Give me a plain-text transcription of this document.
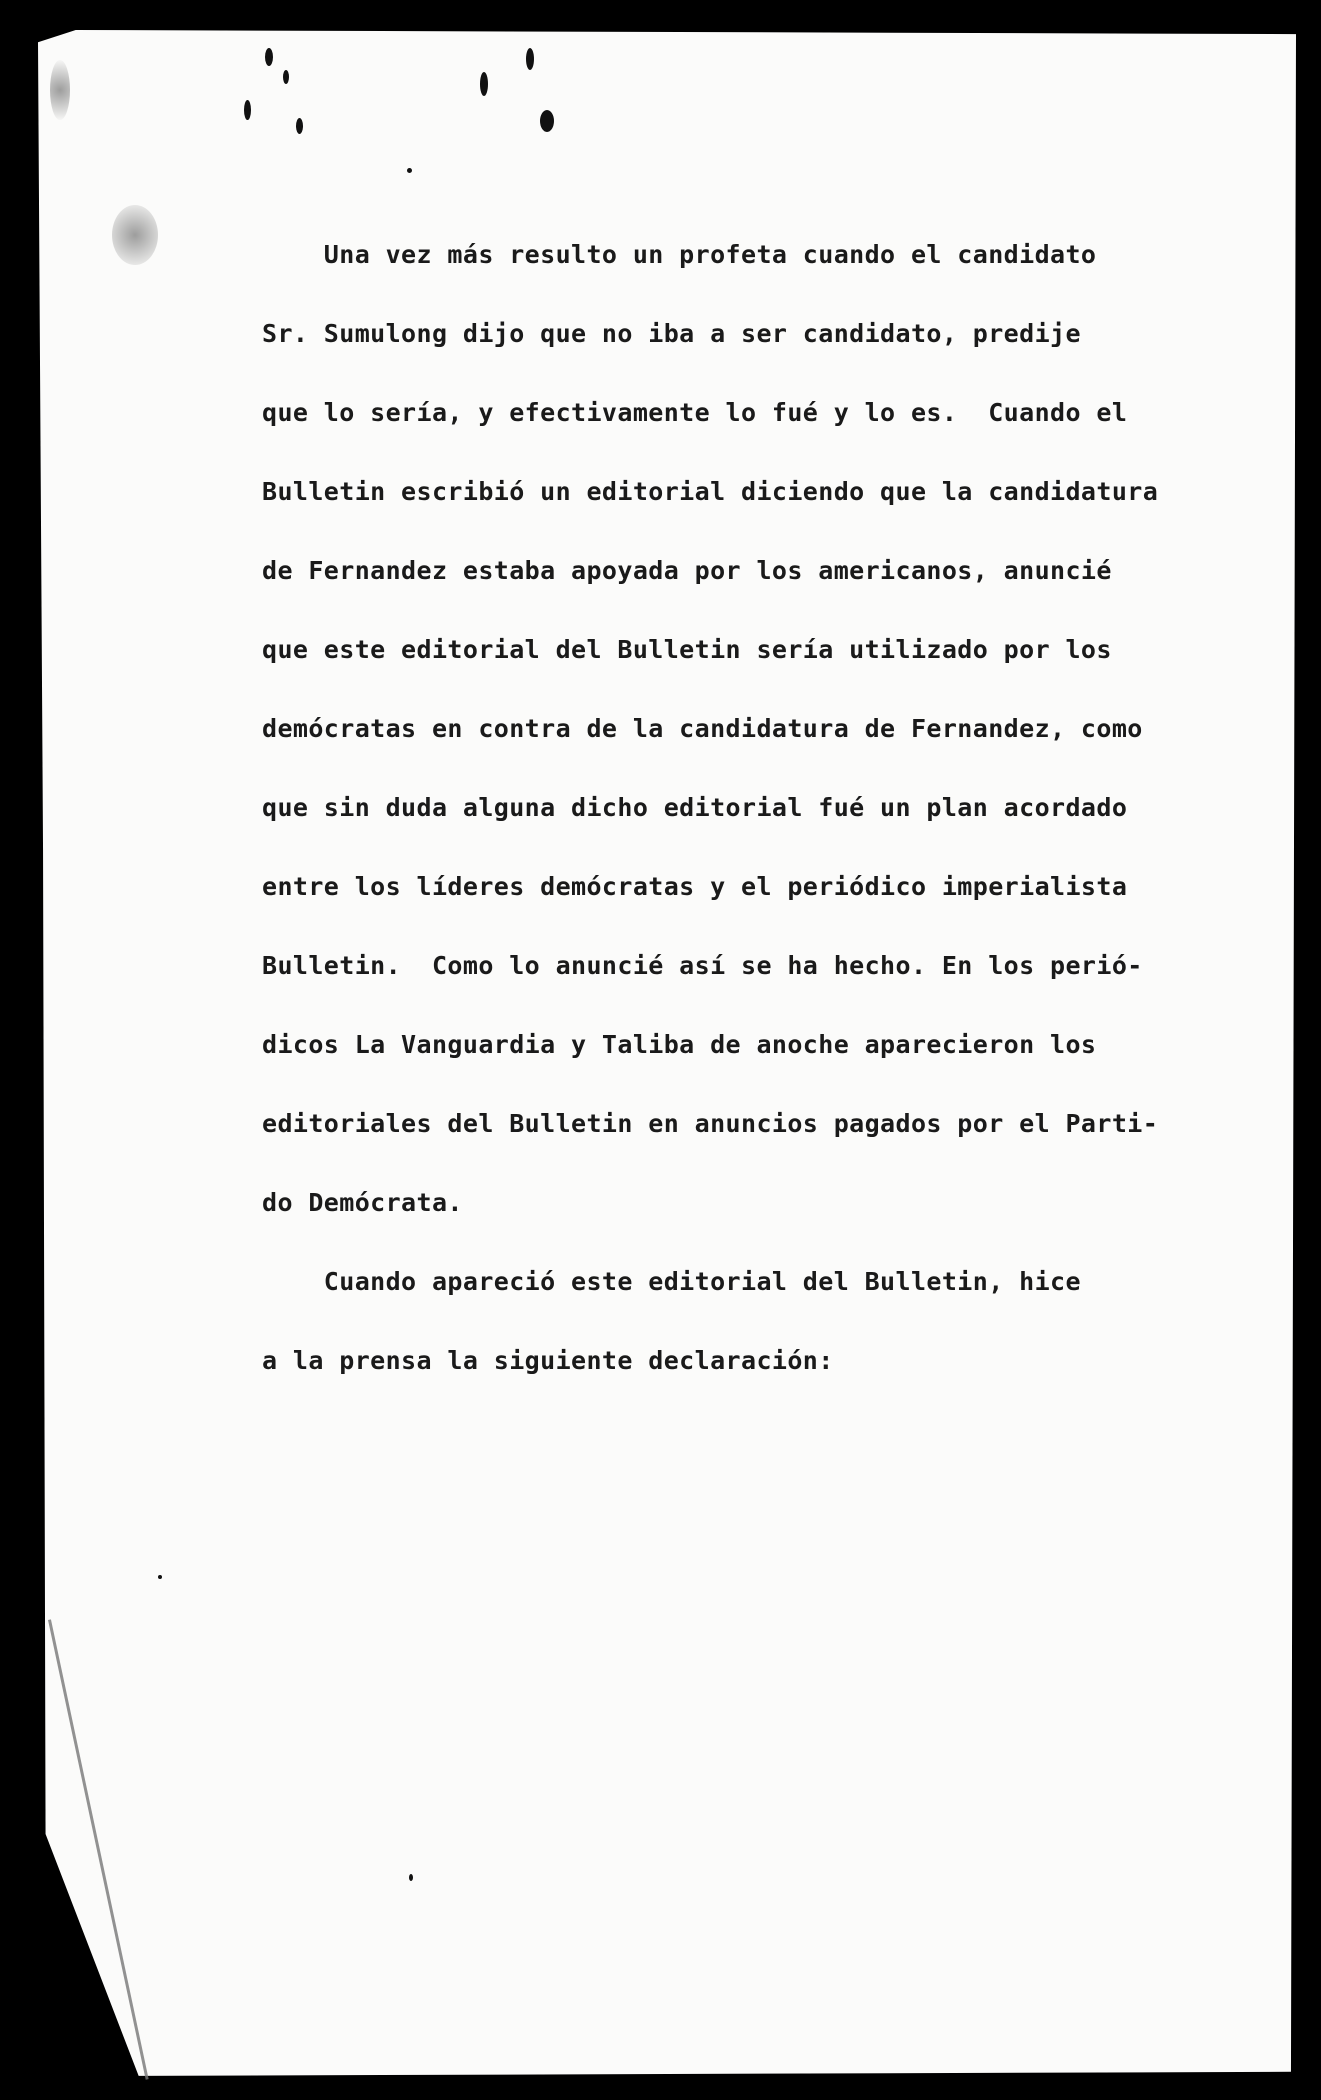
Una vez más resulto un profeta cuando el candidato
Sr. Sumulong dijo que no iba a ser candidato, predije
que lo sería, y efectivamente lo fué y lo es.  Cuando el
Bulletin escribió un editorial diciendo que la candidatura
de Fernandez estaba apoyada por los americanos, anuncié
que este editorial del Bulletin sería utilizado por los
demócratas en contra de la candidatura de Fernandez, como
que sin duda alguna dicho editorial fué un plan acordado
entre los líderes demócratas y el periódico imperialista
Bulletin.  Como lo anuncié así se ha hecho. En los perió-
dicos La Vanguardia y Taliba de anoche aparecieron los
editoriales del Bulletin en anuncios pagados por el Parti-
do Demócrata.
Cuando apareció este editorial del Bulletin, hice
a la prensa la siguiente declaración:
